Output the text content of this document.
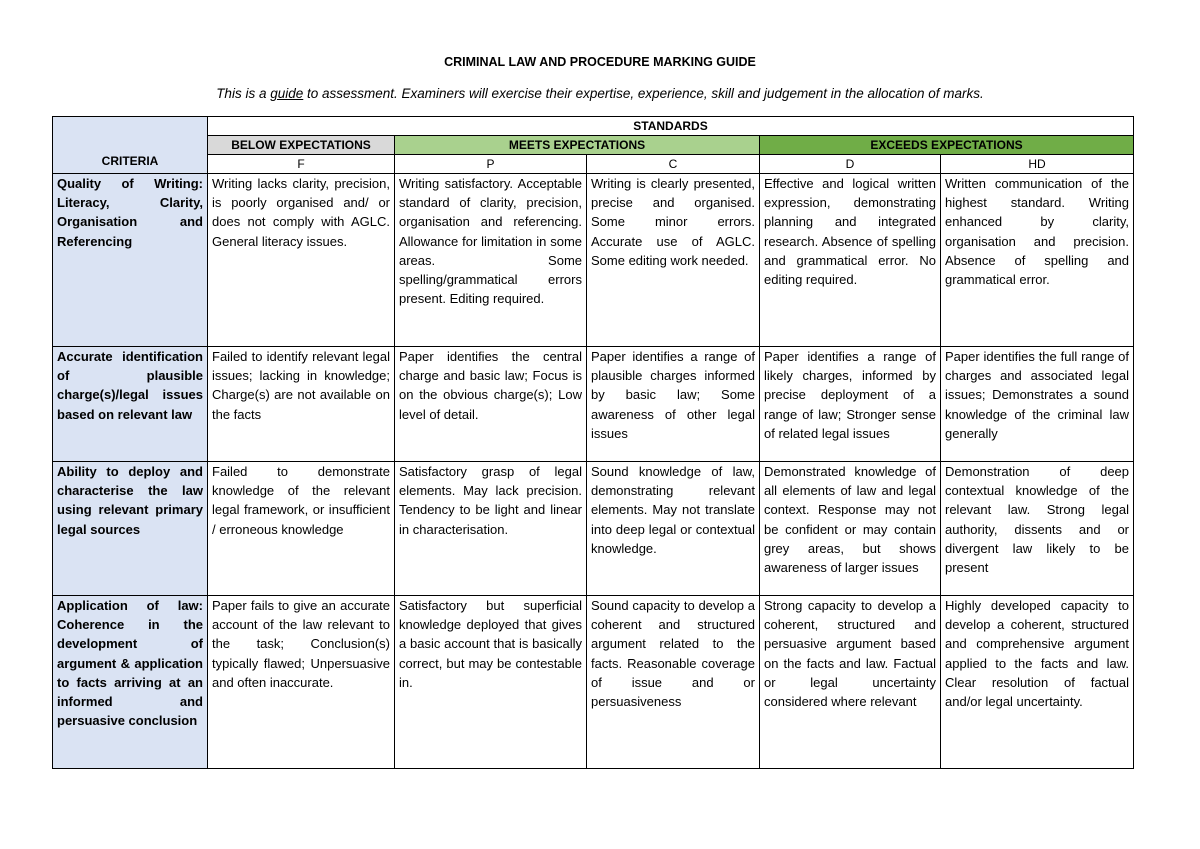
CRIMINAL LAW AND PROCEDURE MARKING GUIDE
This is a guide to assessment. Examiners will exercise their expertise, experience, skill and judgement in the allocation of marks.
CRITERIA	STANDARDS				
	BELOW EXPECTATIONS	MEETS EXPECTATIONS		EXCEEDS EXPECTATIONS	
	F	P	C	D	HD
Quality of Writing: Literacy, Clarity, Organisation and Referencing	Writing lacks clarity, precision, is poorly organised and/ or does not comply with AGLC. General literacy issues.	Writing satisfactory. Acceptable standard of clarity, precision, organisation and referencing. Allowance for limitation in some areas. Some spelling/grammatical errors present. Editing required.	Writing is clearly presented, precise and organised. Some minor errors. Accurate use of AGLC. Some editing work needed.	Effective and logical written expression, demonstrating planning and integrated research. Absence of spelling and grammatical error. No editing required.	Written communication of the highest standard. Writing enhanced by clarity, organisation and precision. Absence of spelling and grammatical error.
Accurate identification of plausible charge(s)/legal issues based on relevant law	Failed to identify relevant legal issues; lacking in knowledge; Charge(s) are not available on the facts	Paper identifies the central charge and basic law; Focus is on the obvious charge(s); Low level of detail.	Paper identifies a range of plausible charges informed by basic law; Some awareness of other legal issues	Paper identifies a range of likely charges, informed by precise deployment of a range of law; Stronger sense of related legal issues	Paper identifies the full range of charges and associated legal issues; Demonstrates a sound knowledge of the criminal law generally
Ability to deploy and characterise the law using relevant primary legal sources	Failed to demonstrate knowledge of the relevant legal framework, or insufficient / erroneous knowledge	Satisfactory grasp of legal elements. May lack precision. Tendency to be light and linear in characterisation.	Sound knowledge of law, demonstrating relevant elements. May not translate into deep legal or contextual knowledge.	Demonstrated knowledge of all elements of law and legal context. Response may not be confident or may contain grey areas, but shows awareness of larger issues	Demonstration of deep contextual knowledge of the relevant law. Strong legal authority, dissents and or divergent law likely to be present
Application of law: Coherence in the development of argument & application to facts arriving at an informed and persuasive conclusion	Paper fails to give an accurate account of the law relevant to the task; Conclusion(s) typically flawed; Unpersuasive and often inaccurate.	Satisfactory but superficial knowledge deployed that gives a basic account that is basically correct, but may be contestable in.	Sound capacity to develop a coherent and structured argument related to the facts. Reasonable coverage of issue and or persuasiveness	Strong capacity to develop a coherent, structured and persuasive argument based on the facts and law. Factual or legal uncertainty considered where relevant	Highly developed capacity to develop a coherent, structured and comprehensive argument applied to the facts and law. Clear resolution of factual and/or legal uncertainty.
